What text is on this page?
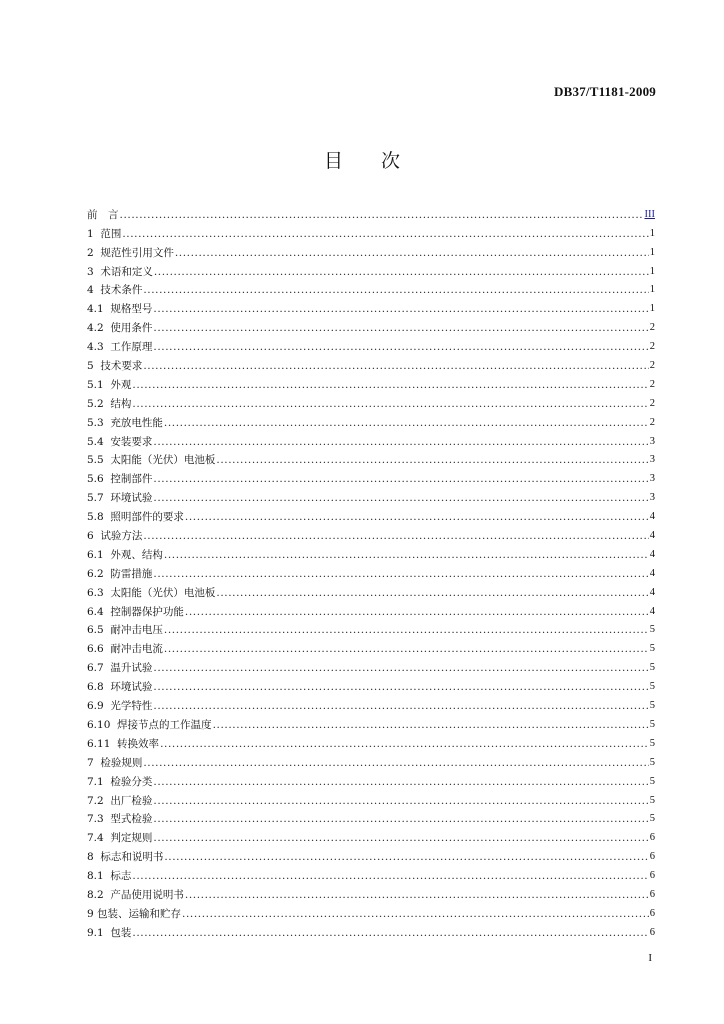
DB37/T1181-2009
目 次
前　言 .....	III
1  范围 .....	1
2  规范性引用文件 .....	1
3  术语和定义 .....	1
4  技术条件 .....	1
4.1  规格型号 .....	1
4.2  使用条件 .....	2
4.3  工作原理 .....	2
5  技术要求 .....	2
5.1  外观 .....	2
5.2  结构 .....	2
5.3  充放电性能 .....	2
5.4  安装要求 .....	3
5.5  太阳能（光伏）电池板 .....	3
5.6  控制部件 .....	3
5.7  环境试验 .....	3
5.8  照明部件的要求 .....	4
6  试验方法 .....	4
6.1  外观、结构 .....	4
6.2  防雷措施 .....	4
6.3  太阳能（光伏）电池板 .....	4
6.4  控制器保护功能 .....	4
6.5  耐冲击电压 .....	5
6.6  耐冲击电流 .....	5
6.7  温升试验 .....	5
6.8  环境试验 .....	5
6.9  光学特性 .....	5
6.10  焊接节点的工作温度 .....	5
6.11  转换效率 .....	5
7  检验规则 .....	5
7.1  检验分类 .....	5
7.2  出厂检验 .....	5
7.3  型式检验 .....	5
7.4  判定规则 .....	6
8  标志和说明书 .....	6
8.1  标志 .....	6
8.2  产品使用说明书 .....	6
9 包装、运输和贮存 .....	6
9.1  包装 .....	6
I
